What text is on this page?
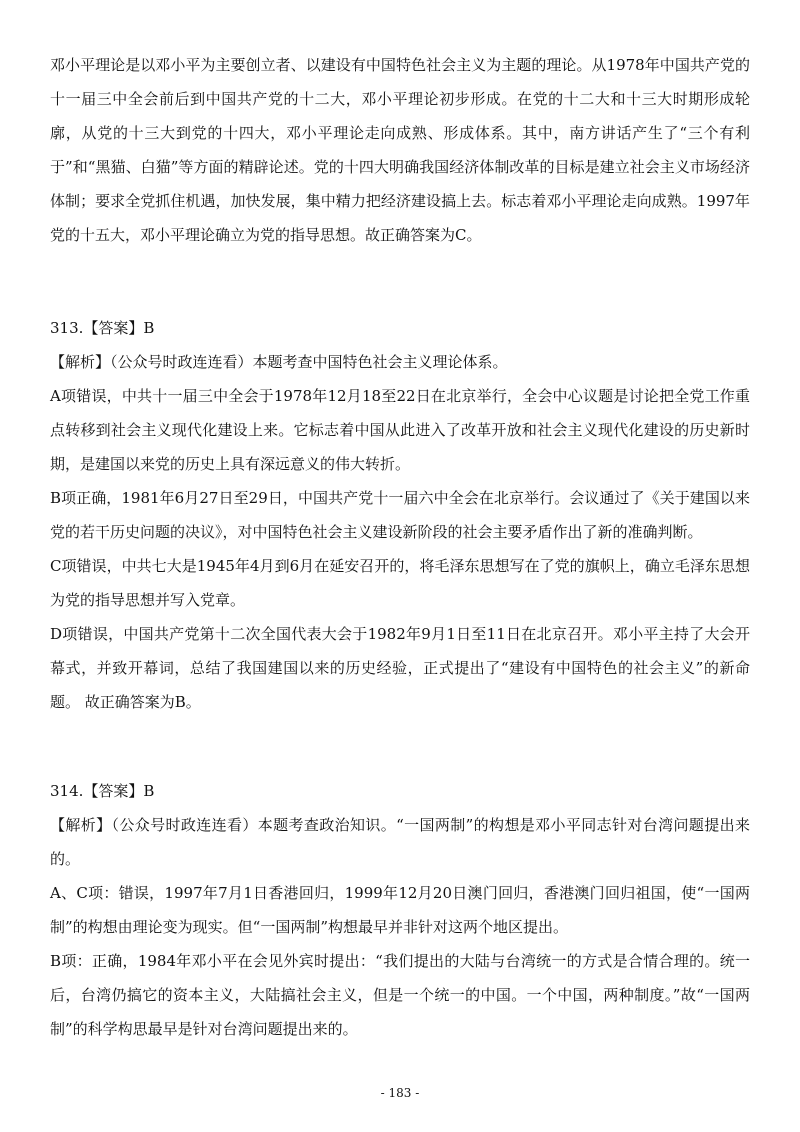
邓小平理论是以邓小平为主要创立者、以建设有中国特色社会主义为主题的理论。从1978年中国共产党的十一届三中全会前后到中国共产党的十二大，邓小平理论初步形成。在党的十二大和十三大时期形成轮廓，从党的十三大到党的十四大，邓小平理论走向成熟、形成体系。其中，南方讲话产生了“三个有利于”和“黑猫、白猫”等方面的精辟论述。党的十四大明确我国经济体制改革的目标是建立社会主义市场经济体制；要求全党抓住机遇，加快发展，集中精力把经济建设搞上去。标志着邓小平理论走向成熟。1997年党的十五大，邓小平理论确立为党的指导思想。故正确答案为C。

313.【答案】B

【解析】（公众号时政连连看）本题考查中国特色社会主义理论体系。

A项错误，中共十一届三中全会于1978年12月18至22日在北京举行，全会中心议题是讨论把全党工作重点转移到社会主义现代化建设上来。它标志着中国从此进入了改革开放和社会主义现代化建设的历史新时期，是建国以来党的历史上具有深远意义的伟大转折。

B项正确，1981年6月27日至29日，中国共产党十一届六中全会在北京举行。会议通过了《关于建国以来党的若干历史问题的决议》，对中国特色社会主义建设新阶段的社会主要矛盾作出了新的准确判断。

C项错误，中共七大是1945年4月到6月在延安召开的，将毛泽东思想写在了党的旗帜上，确立毛泽东思想为党的指导思想并写入党章。

D项错误，中国共产党第十二次全国代表大会于1982年9月1日至11日在北京召开。邓小平主持了大会开幕式，并致开幕词，总结了我国建国以来的历史经验，正式提出了“建设有中国特色的社会主义”的新命题。 故正确答案为B。

314.【答案】B

【解析】（公众号时政连连看）本题考查政治知识。“一国两制”的构想是邓小平同志针对台湾问题提出来的。

A、C项：错误，1997年7月1日香港回归，1999年12月20日澳门回归，香港澳门回归祖国，使“一国两制”的构想由理论变为现实。但“一国两制”构想最早并非针对这两个地区提出。

B项：正确，1984年邓小平在会见外宾时提出：“我们提出的大陆与台湾统一的方式是合情合理的。统一后，台湾仍搞它的资本主义，大陆搞社会主义，但是一个统一的中国。一个中国，两种制度。”故“一国两制”的科学构思最早是针对台湾问题提出来的。

- 183 -
